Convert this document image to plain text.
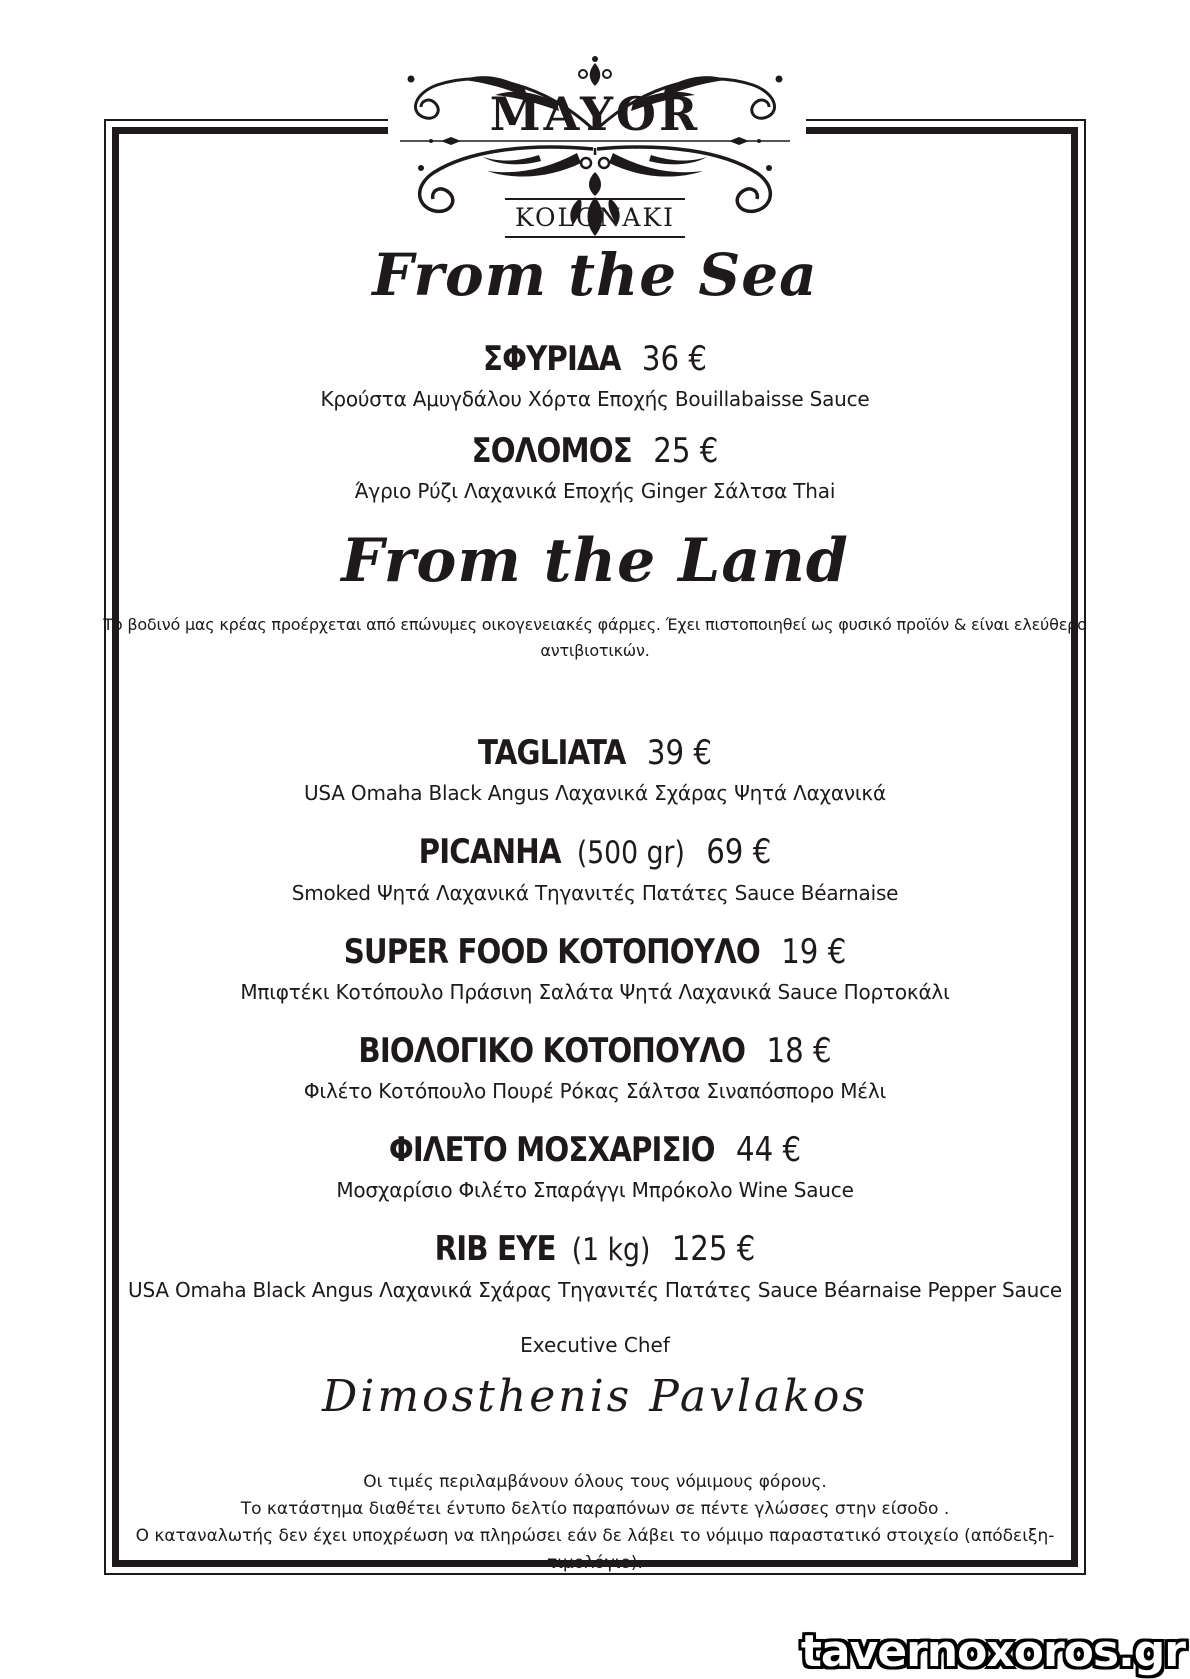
MAYOR
KOLONAKI
From the Sea
ΣΦΥΡΙΔΑ 36 €

Κρούστα Αμυγδάλου Χόρτα Εποχής Bouillabaisse Sauce

ΣΟΛΟΜΟΣ 25 €

Άγριο Ρύζι Λαχανικά Εποχής Ginger Σάλτσα Thai

From the Land

Το βοδινό μας κρέας προέρχεται από επώνυμες οικογενειακές φάρμες. Έχει πιστοποιηθεί ως φυσικό προϊόν & είναι ελεύθερο αντιβιοτικών.

TAGLIATA 39 €

USA Omaha Black Angus Λαχανικά Σχάρας Ψητά Λαχανικά

PICANHA (500 gr) 69 €

Smoked Ψητά Λαχανικά Τηγανιτές Πατάτες Sauce Béarnaise

SUPER FOOD ΚΟΤΟΠΟΥΛΟ 19 €

Μπιφτέκι Κοτόπουλο Πράσινη Σαλάτα Ψητά Λαχανικά Sauce Πορτοκάλι

ΒΙΟΛΟΓΙΚΟ ΚΟΤΟΠΟΥΛΟ 18 €

Φιλέτο Κοτόπουλο Πουρέ Ρόκας Σάλτσα Σιναπόσπορο Μέλι

ΦΙΛΕΤΟ ΜΟΣΧΑΡΙΣΙΟ 44 €

Μοσχαρίσιο Φιλέτο Σπαράγγι Μπρόκολο Wine Sauce

RIB EYE (1 kg) 125 €

USA Omaha Black Angus Λαχανικά Σχάρας Τηγανιτές Πατάτες Sauce Béarnaise Pepper Sauce

Executive Chef

Dimosthenis Pavlakos
Οι τιμές περιλαμβάνουν όλους τους νόμιμους φόρους.
Το κατάστημα διαθέτει έντυπο δελτίο παραπόνων σε πέντε γλώσσες στην είσοδο .
Ο καταναλωτής δεν έχει υποχρέωση να πληρώσει εάν δε λάβει το νόμιμο παραστατικό στοιχείο (απόδειξη-τιμολόγιο).
tavernoxoros.gr
